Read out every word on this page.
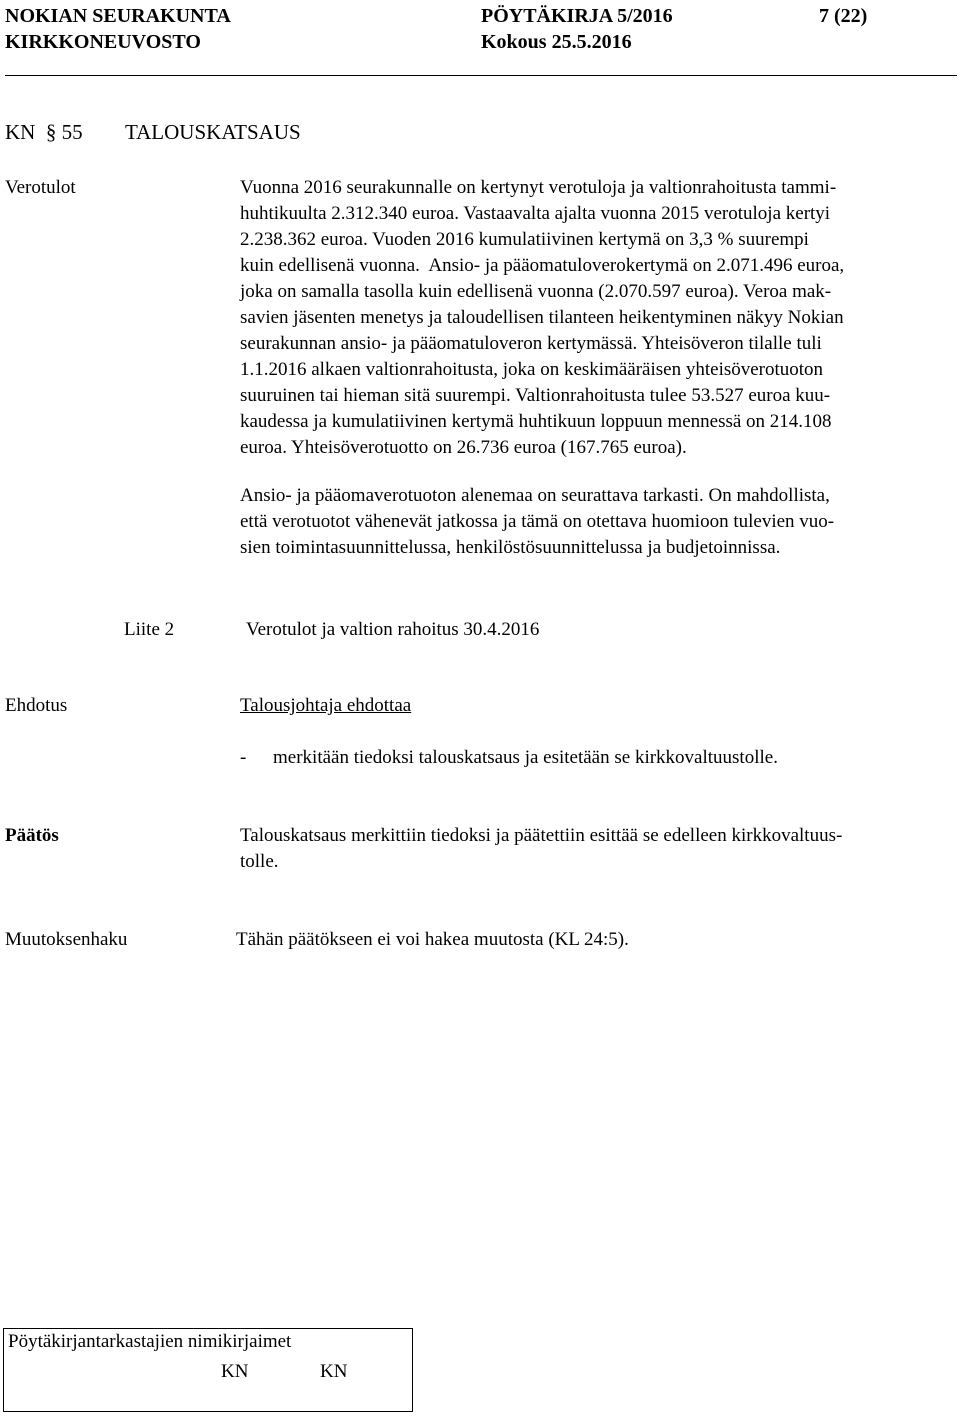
NOKIAN SEURAKUNTA
KIRKKONEUVOSTO
PÖYTÄKIRJA 5/2016
Kokous 25.5.2016
7 (22)
KN  § 55 TALOUSKATSAUS
Verotulot	Vuonna 2016 seurakunnalle on kertynyt verotuloja ja valtionrahoitusta tammi-
huhtikuulta 2.312.340 euroa. Vastaavalta ajalta vuonna 2015 verotuloja kertyi
2.238.362 euroa. Vuoden 2016 kumulatiivinen kertymä on 3,3 % suurempi
kuin edellisenä vuonna.  Ansio- ja pääomatuloverokertymä on 2.071.496 euroa,
joka on samalla tasolla kuin edellisenä vuonna (2.070.597 euroa). Veroa mak-
savien jäsenten menetys ja taloudellisen tilanteen heikentyminen näkyy Nokian
seurakunnan ansio- ja pääomatuloveron kertymässä. Yhteisöveron tilalle tuli
1.1.2016 alkaen valtionrahoitusta, joka on keskimääräisen yhteisöverotuoton
suuruinen tai hieman sitä suurempi. Valtionrahoitusta tulee 53.527 euroa kuu-
kaudessa ja kumulatiivinen kertymä huhtikuun loppuun mennessä on 214.108
euroa. Yhteisöverotuotto on 26.736 euroa (167.765 euroa).
Ansio- ja pääomaverotuoton alenemaa on seurattava tarkasti. On mahdollista,
että verotuotot vähenevät jatkossa ja tämä on otettava huomioon tulevien vuo-
sien toimintasuunnittelussa, henkilöstösuunnittelussa ja budjetoinnissa.
Liite 2	Verotulot ja valtion rahoitus 30.4.2016
Ehdotus	Talousjohtaja ehdottaa
- merkitään tiedoksi talouskatsaus ja esitetään se kirkkovaltuustolle.
Päätös	Talouskatsaus merkittiin tiedoksi ja päätettiin esittää se edelleen kirkkovaltuus-
tolle.
Muutoksenhaku	Tähän päätökseen ei voi hakea muutosta (KL 24:5).
Pöytäkirjantarkastajien nimikirjaimet
KN	KN
